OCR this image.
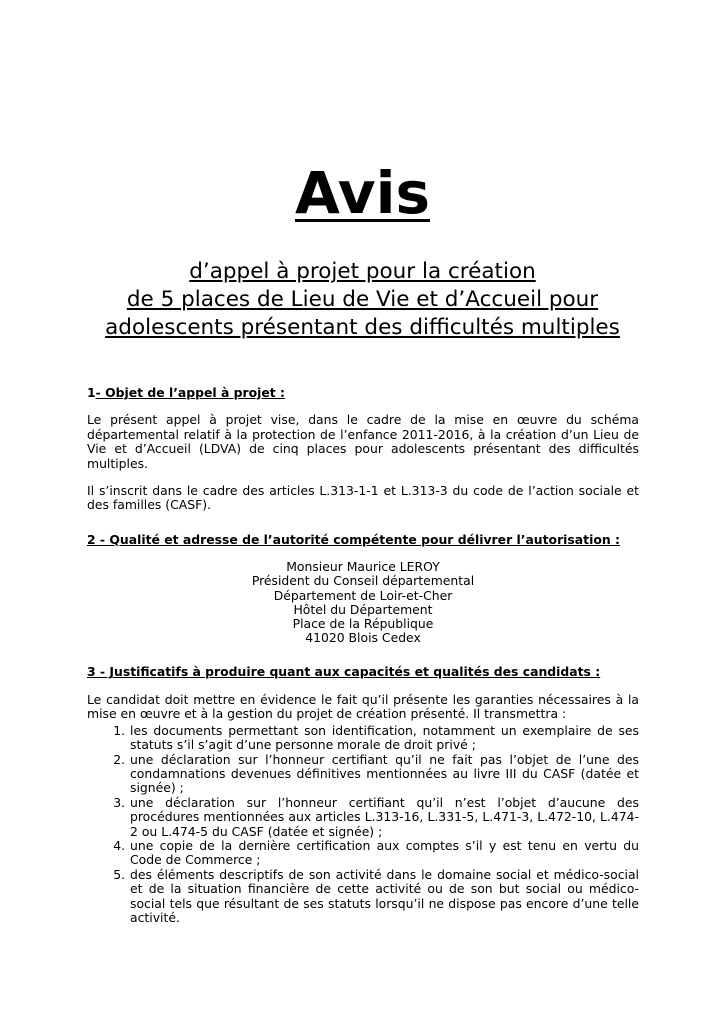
Avis
d’appel à projet pour la création
de 5 places de Lieu de Vie et d’Accueil pour
adolescents présentant des difficultés multiples

1- Objet de l’appel à projet :

Le présent appel à projet vise, dans le cadre de la mise en œuvre du schéma départemental relatif à la protection de l’enfance 2011-2016, à la création d’un Lieu de Vie et d’Accueil (LDVA) de cinq places pour adolescents présentant des difficultés multiples.

Il s’inscrit dans le cadre des articles L.313-1-1 et L.313-3 du code de l’action sociale et des familles (CASF).

2 - Qualité et adresse de l’autorité compétente pour délivrer l’autorisation :

Monsieur Maurice LEROY
Président du Conseil départemental
Département de Loir-et-Cher
Hôtel du Département
Place de la République
41020 Blois Cedex

3 - Justificatifs à produire quant aux capacités et qualités des candidats :

Le candidat doit mettre en évidence le fait qu’il présente les garanties nécessaires à la mise en œuvre et à la gestion du projet de création présenté. Il transmettra :

1. les documents permettant son identification, notamment un exemplaire de ses statuts s’il s’agit d’une personne morale de droit privé ;
2. une déclaration sur l’honneur certifiant qu’il ne fait pas l’objet de l’une des condamnations devenues définitives mentionnées au livre III du CASF (datée et signée) ;
3. une déclaration sur l’honneur certifiant qu’il n’est l’objet d’aucune des procédures mentionnées aux articles L.313-16, L.331-5, L.471-3, L.472-10, L.474-2 ou L.474-5 du CASF (datée et signée) ;
4. une copie de la dernière certification aux comptes s’il y est tenu en vertu du Code de Commerce ;
5. des éléments descriptifs de son activité dans le domaine social et médico-social et de la situation financière de cette activité ou de son but social ou médico-social tels que résultant de ses statuts lorsqu’il ne dispose pas encore d’une telle activité.
